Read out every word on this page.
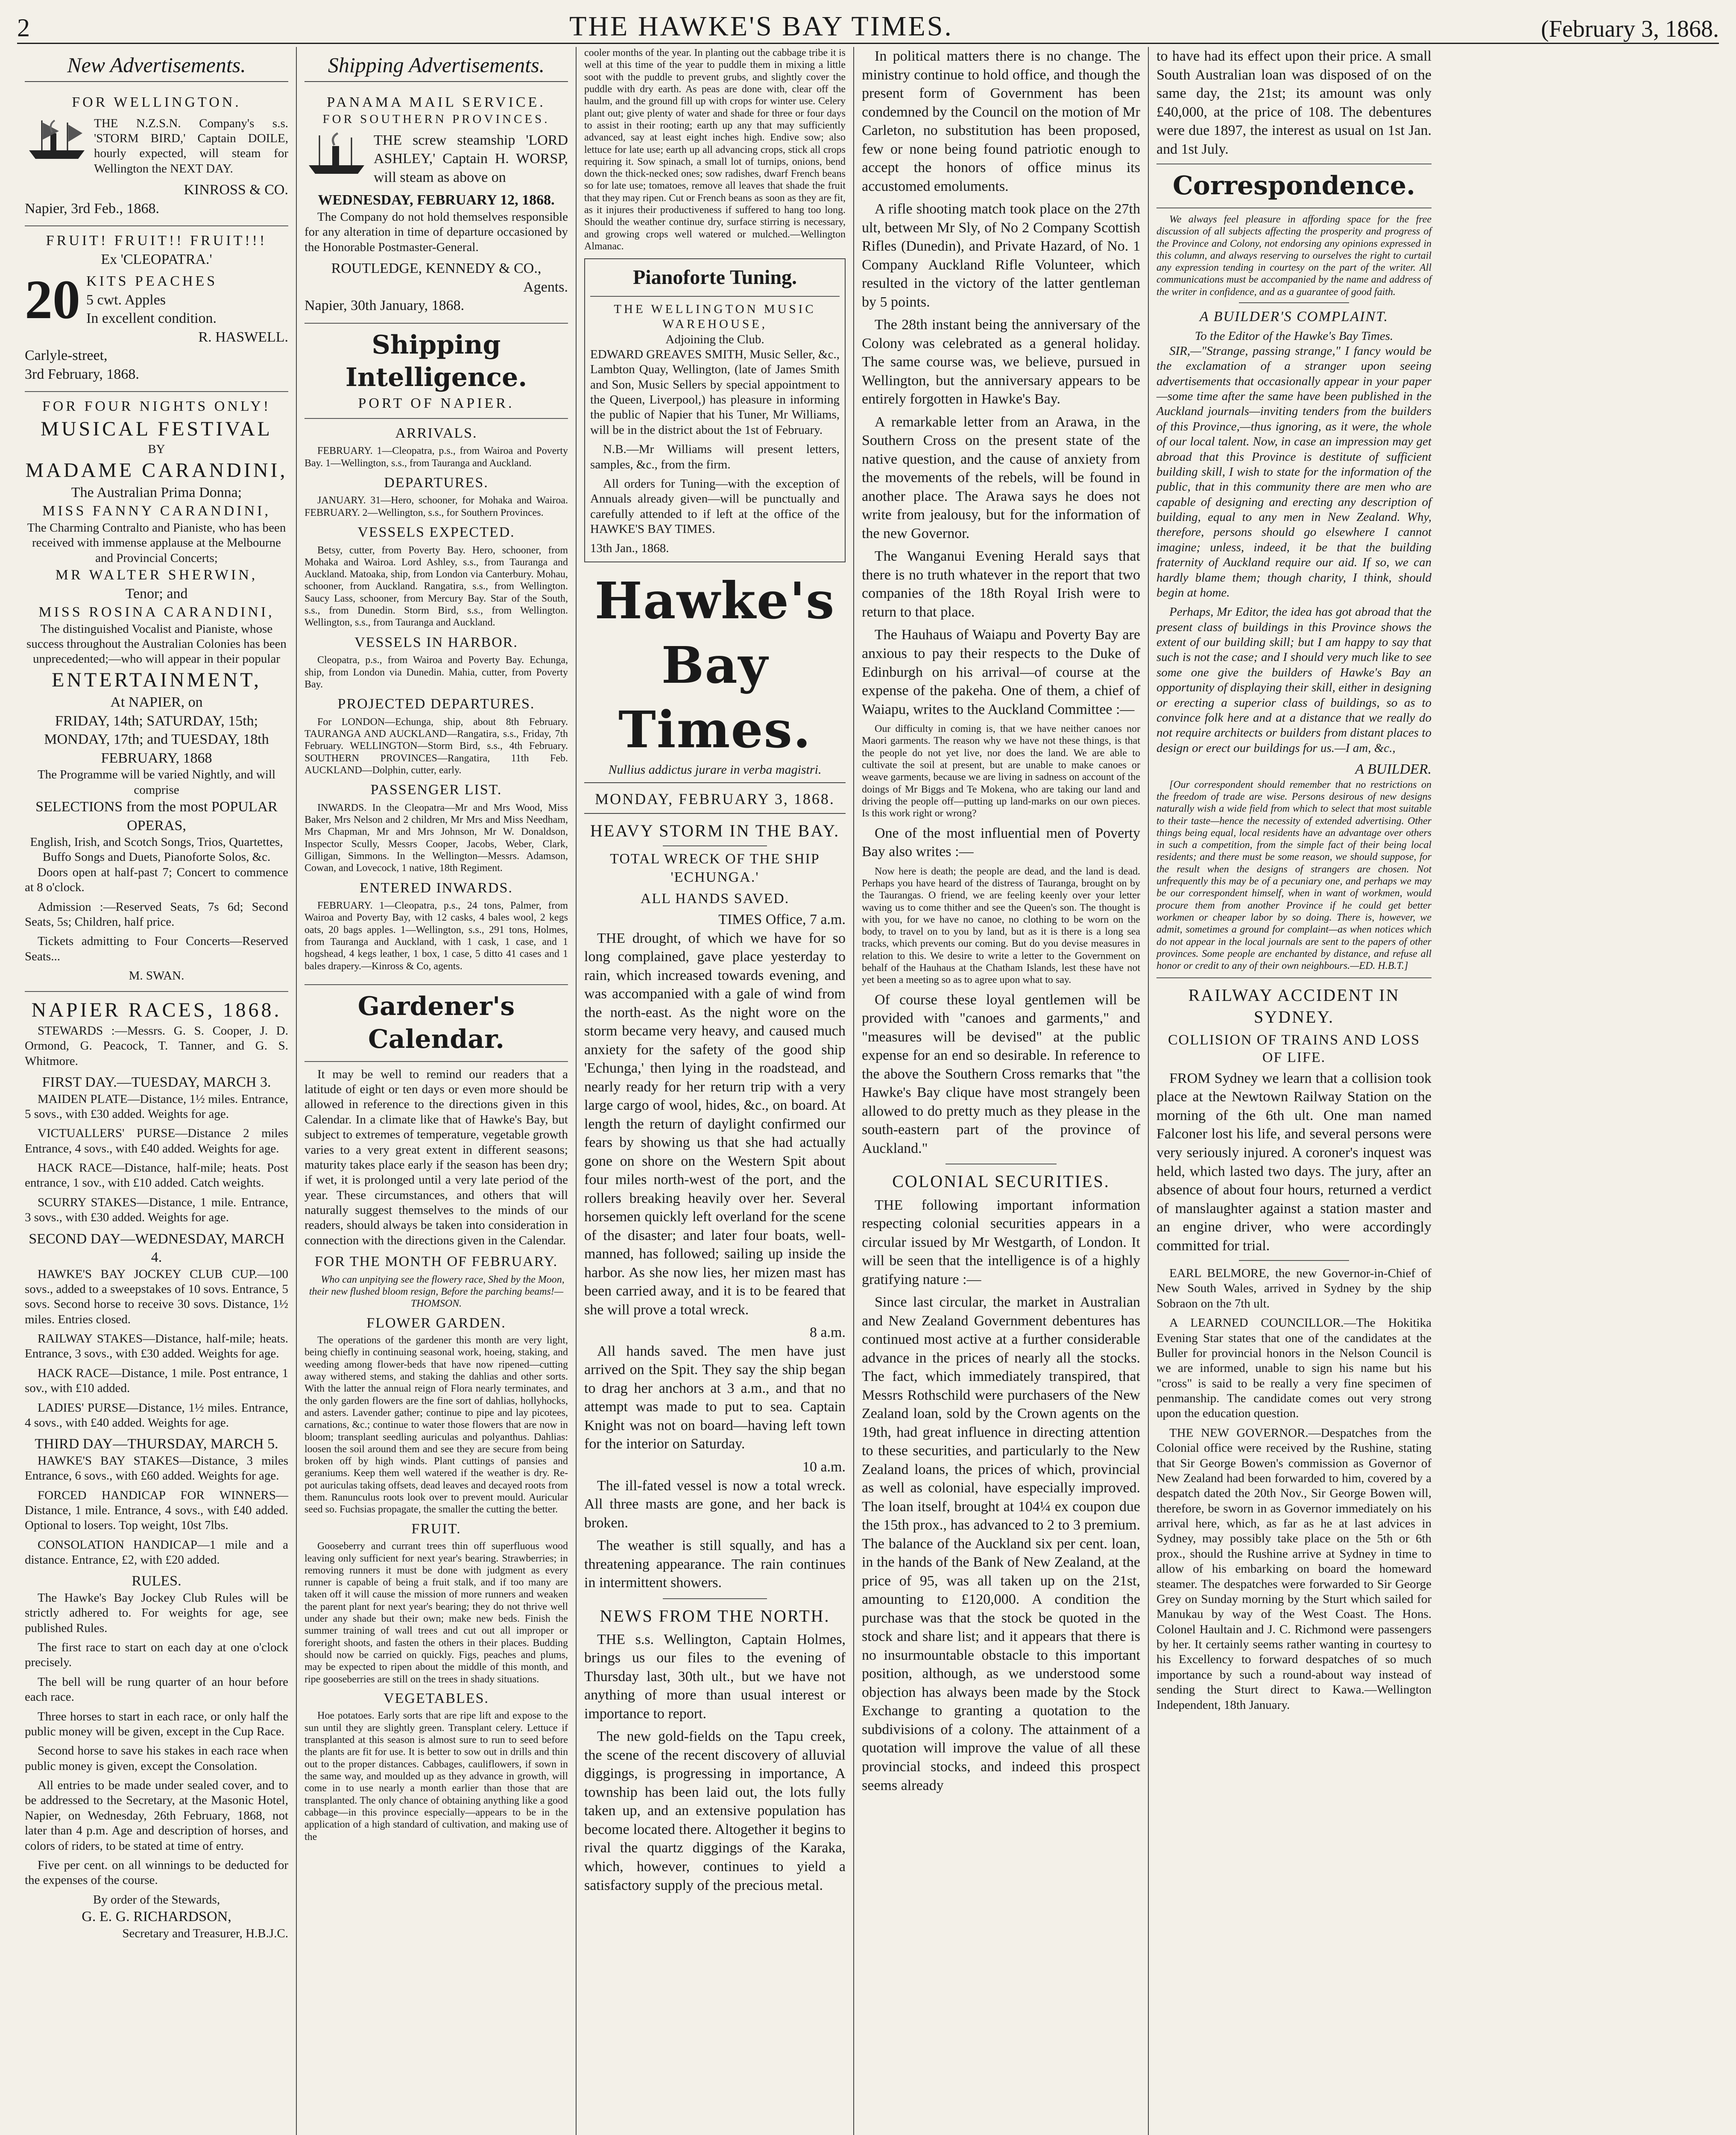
2	THE HAWKE'S BAY TIMES.	(February 3, 1868.
New Advertisements.
FOR WELLINGTON.

THE N.Z.S.N. Company's s.s. 'STORM BIRD,' Captain DOILE, hourly expected, will steam for Wellington the NEXT DAY.

KINROSS & CO.
Napier, 3rd Feb., 1868.
FRUIT! FRUIT!! FRUIT!!!
Ex 'CLEOPATRA.'
20 KITS PEACHES
5 cwt. Apples
In excellent condition.
R. HASWELL.
Carlyle-street,
3rd February, 1868.
FOR FOUR NIGHTS ONLY!
MUSICAL FESTIVAL
BY
MADAME CARANDINI,
The Australian Prima Donna;
MISS FANNY CARANDINI,
The Charming Contralto and Pianiste, who has been received with immense applause at the Melbourne and Provincial Concerts;
MR WALTER SHERWIN,
Tenor; and
MISS ROSINA CARANDINI,
The distinguished Vocalist and Pianiste, whose success throughout the Australian Colonies has been unprecedented;—who will appear in their popular
ENTERTAINMENT,
At NAPIER, on
FRIDAY, 14th; SATURDAY, 15th; MONDAY, 17th; and TUESDAY, 18th FEBRUARY, 1868
The Programme will be varied Nightly, and will comprise
SELECTIONS from the most POPULAR OPERAS,
English, Irish, and Scotch Songs, Trios, Quartettes, Buffo Songs and Duets, Pianoforte Solos, &c.

Doors open at half-past 7; Concert to commence at 8 o'clock.

Admission :—Reserved Seats, 7s 6d; Second Seats, 5s; Children, half price.

Tickets admitting to Four Concerts—Reserved Seats...

M. SWAN.
NAPIER RACES, 1868.

STEWARDS :—Messrs. G. S. Cooper, J. D. Ormond, G. Peacock, T. Tanner, and G. S. Whitmore.

FIRST DAY.—TUESDAY, MARCH 3.

MAIDEN PLATE—Distance, 1½ miles. Entrance, 5 sovs., with £30 added. Weights for age.

VICTUALLERS' PURSE—Distance 2 miles Entrance, 4 sovs., with £40 added. Weights for age.

HACK RACE—Distance, half-mile; heats. Post entrance, 1 sov., with £10 added. Catch weights.

SCURRY STAKES—Distance, 1 mile. Entrance, 3 sovs., with £30 added. Weights for age.

SECOND DAY—WEDNESDAY, MARCH 4.

HAWKE'S BAY JOCKEY CLUB CUP.—100 sovs., added to a sweepstakes of 10 sovs. Entrance, 5 sovs. Second horse to receive 30 sovs. Distance, 1½ miles. Entries closed.

RAILWAY STAKES—Distance, half-mile; heats. Entrance, 3 sovs., with £30 added. Weights for age.

HACK RACE—Distance, 1 mile. Post entrance, 1 sov., with £10 added.

LADIES' PURSE—Distance, 1½ miles. Entrance, 4 sovs., with £40 added. Weights for age.

THIRD DAY—THURSDAY, MARCH 5.

HAWKE'S BAY STAKES—Distance, 3 miles Entrance, 6 sovs., with £60 added. Weights for age.

FORCED HANDICAP FOR WINNERS—Distance, 1 mile. Entrance, 4 sovs., with £40 added. Optional to losers. Top weight, 10st 7lbs.

CONSOLATION HANDICAP—1 mile and a distance. Entrance, £2, with £20 added.

RULES.

The Hawke's Bay Jockey Club Rules will be strictly adhered to. For weights for age, see published Rules.

The first race to start on each day at one o'clock precisely.

The bell will be rung quarter of an hour before each race.

Three horses to start in each race, or only half the public money will be given, except in the Cup Race.

Second horse to save his stakes in each race when public money is given, except the Consolation.

All entries to be made under sealed cover, and to be addressed to the Secretary, at the Masonic Hotel, Napier, on Wednesday, 26th February, 1868, not later than 4 p.m. Age and description of horses, and colors of riders, to be stated at time of entry.

Five per cent. on all winnings to be deducted for the expenses of the course.

By order of the Stewards,
G. E. G. RICHARDSON,
Secretary and Treasurer, H.B.J.C.
Shipping Advertisements.
PANAMA MAIL SERVICE.
FOR SOUTHERN PROVINCES.

THE screw steamship 'LORD ASHLEY,' Captain H. WORSP, will steam as above on

WEDNESDAY, FEBRUARY 12, 1868.

The Company do not hold themselves responsible for any alteration in time of departure occasioned by the Honorable Postmaster-General.

ROUTLEDGE, KENNEDY & CO.,
Agents.
Napier, 30th January, 1868.
Shipping Intelligence.
PORT OF NAPIER.
ARRIVALS.

FEBRUARY. 1—Cleopatra, p.s., from Wairoa and Poverty Bay. 1—Wellington, s.s., from Tauranga and Auckland.

DEPARTURES.

JANUARY. 31—Hero, schooner, for Mohaka and Wairoa. FEBRUARY. 2—Wellington, s.s., for Southern Provinces.

VESSELS EXPECTED.

Betsy, cutter, from Poverty Bay. Hero, schooner, from Mohaka and Wairoa. Lord Ashley, s.s., from Tauranga and Auckland. Matoaka, ship, from London via Canterbury. Mohau, schooner, from Auckland. Rangatira, s.s., from Wellington. Saucy Lass, schooner, from Mercury Bay. Star of the South, s.s., from Dunedin. Storm Bird, s.s., from Wellington. Wellington, s.s., from Tauranga and Auckland.

VESSELS IN HARBOR.

Cleopatra, p.s., from Wairoa and Poverty Bay. Echunga, ship, from London via Dunedin. Mahia, cutter, from Poverty Bay.

PROJECTED DEPARTURES.

For LONDON—Echunga, ship, about 8th February. TAURANGA AND AUCKLAND—Rangatira, s.s., Friday, 7th February. WELLINGTON—Storm Bird, s.s., 4th February. SOUTHERN PROVINCES—Rangatira, 11th Feb. AUCKLAND—Dolphin, cutter, early.

PASSENGER LIST.

INWARDS. In the Cleopatra—Mr and Mrs Wood, Miss Baker, Mrs Nelson and 2 children, Mr Mrs and Miss Needham, Mrs Chapman, Mr and Mrs Johnson, Mr W. Donaldson, Inspector Scully, Messrs Cooper, Jacobs, Weber, Clark, Gilligan, Simmons. In the Wellington—Messrs. Adamson, Cowan, and Lovecock, 1 native, 18th Regiment.

ENTERED INWARDS.

FEBRUARY. 1—Cleopatra, p.s., 24 tons, Palmer, from Wairoa and Poverty Bay, with 12 casks, 4 bales wool, 2 kegs oats, 20 bags apples. 1—Wellington, s.s., 291 tons, Holmes, from Tauranga and Auckland, with 1 cask, 1 case, and 1 hogshead, 4 kegs leather, 1 box, 1 case, 5 ditto 41 cases and 1 bales drapery.—Kinross & Co, agents.

Gardener's Calendar.

It may be well to remind our readers that a latitude of eight or ten days or even more should be allowed in reference to the directions given in this Calendar. In a climate like that of Hawke's Bay, but subject to extremes of temperature, vegetable growth varies to a very great extent in different seasons; maturity takes place early if the season has been dry; if wet, it is prolonged until a very late period of the year. These circumstances, and others that will naturally suggest themselves to the minds of our readers, should always be taken into consideration in connection with the directions given in the Calendar.

FOR THE MONTH OF FEBRUARY.

Who can unpitying see the flowery race, Shed by the Moon, their new flushed bloom resign, Before the parching beams!—THOMSON.

FLOWER GARDEN.

The operations of the gardener this month are very light, being chiefly in continuing seasonal work, hoeing, staking, and weeding among flower-beds that have now ripened—cutting away withered stems, and staking the dahlias and other sorts. With the latter the annual reign of Flora nearly terminates, and the only garden flowers are the fine sort of dahlias, hollyhocks, and asters. Lavender gather; continue to pipe and lay picotees, carnations, &c.; continue to water those flowers that are now in bloom; transplant seedling auriculas and polyanthus. Dahlias: loosen the soil around them and see they are secure from being broken off by high winds. Plant cuttings of pansies and geraniums. Keep them well watered if the weather is dry. Re-pot auriculas taking offsets, dead leaves and decayed roots from them. Ranunculus roots look over to prevent mould. Auricular seed so. Fuchsias propagate, the smaller the cutting the better.

FRUIT.

Gooseberry and currant trees thin off superfluous wood leaving only sufficient for next year's bearing. Strawberries; in removing runners it must be done with judgment as every runner is capable of being a fruit stalk, and if too many are taken off it will cause the mission of more runners and weaken the parent plant for next year's bearing; they do not thrive well under any shade but their own; make new beds. Finish the summer training of wall trees and cut out all improper or foreright shoots, and fasten the others in their places. Budding should now be carried on quickly. Figs, peaches and plums, may be expected to ripen about the middle of this month, and ripe gooseberries are still on the trees in shady situations.

VEGETABLES.

Hoe potatoes. Early sorts that are ripe lift and expose to the sun until they are slightly green. Transplant celery. Lettuce if transplanted at this season is almost sure to run to seed before the plants are fit for use. It is better to sow out in drills and thin out to the proper distances. Cabbages, cauliflowers, if sown in the same way, and moulded up as they advance in growth, will come in to use nearly a month earlier than those that are transplanted. The only chance of obtaining anything like a good cabbage—in this province especially—appears to be in the application of a high standard of cultivation, and making use of the

cooler months of the year. In planting out the cabbage tribe it is well at this time of the year to puddle them in mixing a little soot with the puddle to prevent grubs, and slightly cover the puddle with dry earth. As peas are done with, clear off the haulm, and the ground fill up with crops for winter use. Celery plant out; give plenty of water and shade for three or four days to assist in their rooting; earth up any that may sufficiently advanced, say at least eight inches high. Endive sow; also lettuce for late use; earth up all advancing crops, stick all crops requiring it. Sow spinach, a small lot of turnips, onions, bend down the thick-necked ones; sow radishes, dwarf French beans so for late use; tomatoes, remove all leaves that shade the fruit that they may ripen. Cut or French beans as soon as they are fit, as it injures their productiveness if suffered to hang too long. Should the weather continue dry, surface stirring is necessary, and growing crops well watered or mulched.—Wellington Almanac.

Pianoforte Tuning.
THE WELLINGTON MUSIC WAREHOUSE,
Adjoining the Club.

EDWARD GREAVES SMITH, Music Seller, &c., Lambton Quay, Wellington, (late of James Smith and Son, Music Sellers by special appointment to the Queen, Liverpool,) has pleasure in informing the public of Napier that his Tuner, Mr Williams, will be in the district about the 1st of February.

N.B.—Mr Williams will present letters, samples, &c., from the firm.

All orders for Tuning—with the exception of Annuals already given—will be punctually and carefully attended to if left at the office of the HAWKE'S BAY TIMES.

13th Jan., 1868.
Hawke's Bay Times.
Nullius addictus jurare in verba magistri.
MONDAY, FEBRUARY 3, 1868.
HEAVY STORM IN THE BAY.
TOTAL WRECK OF THE SHIP 'ECHUNGA.'
ALL HANDS SAVED.
TIMES Office, 7 a.m.

THE drought, of which we have for so long complained, gave place yesterday to rain, which increased towards evening, and was accompanied with a gale of wind from the north-east. As the night wore on the storm became very heavy, and caused much anxiety for the safety of the good ship 'Echunga,' then lying in the roadstead, and nearly ready for her return trip with a very large cargo of wool, hides, &c., on board. At length the return of daylight confirmed our fears by showing us that she had actually gone on shore on the Western Spit about four miles north-west of the port, and the rollers breaking heavily over her. Several horsemen quickly left overland for the scene of the disaster; and later four boats, well-manned, has followed; sailing up inside the harbor. As she now lies, her mizen mast has been carried away, and it is to be feared that she will prove a total wreck.

8 a.m.

All hands saved. The men have just arrived on the Spit. They say the ship began to drag her anchors at 3 a.m., and that no attempt was made to put to sea. Captain Knight was not on board—having left town for the interior on Saturday.

10 a.m.

The ill-fated vessel is now a total wreck. All three masts are gone, and her back is broken.

The weather is still squally, and has a threatening appearance. The rain continues in intermittent showers.

NEWS FROM THE NORTH.

THE s.s. Wellington, Captain Holmes, brings us our files to the evening of Thursday last, 30th ult., but we have not anything of more than usual interest or importance to report.

The new gold-fields on the Tapu creek, the scene of the recent discovery of alluvial diggings, is progressing in importance, A township has been laid out, the lots fully taken up, and an extensive population has become located there. Altogether it begins to rival the quartz diggings of the Karaka, which, however, continues to yield a satisfactory supply of the precious metal.

In political matters there is no change. The ministry continue to hold office, and though the present form of Government has been condemned by the Council on the motion of Mr Carleton, no substitution has been proposed, few or none being found patriotic enough to accept the honors of office minus its accustomed emoluments.

A rifle shooting match took place on the 27th ult, between Mr Sly, of No 2 Company Scottish Rifles (Dunedin), and Private Hazard, of No. 1 Company Auckland Rifle Volunteer, which resulted in the victory of the latter gentleman by 5 points.

The 28th instant being the anniversary of the Colony was celebrated as a general holiday. The same course was, we believe, pursued in Wellington, but the anniversary appears to be entirely forgotten in Hawke's Bay.

A remarkable letter from an Arawa, in the Southern Cross on the present state of the native question, and the cause of anxiety from the movements of the rebels, will be found in another place. The Arawa says he does not write from jealousy, but for the information of the new Governor.

The Wanganui Evening Herald says that there is no truth whatever in the report that two companies of the 18th Royal Irish were to return to that place.

The Hauhaus of Waiapu and Poverty Bay are anxious to pay their respects to the Duke of Edinburgh on his arrival—of course at the expense of the pakeha. One of them, a chief of Waiapu, writes to the Auckland Committee :—

Our difficulty in coming is, that we have neither canoes nor Maori garments. The reason why we have not these things, is that the people do not yet live, nor does the land. We are able to cultivate the soil at present, but are unable to make canoes or weave garments, because we are living in sadness on account of the doings of Mr Biggs and Te Mokena, who are taking our land and driving the people off—putting up land-marks on our own pieces. Is this work right or wrong?

One of the most influential men of Poverty Bay also writes :—

Now here is death; the people are dead, and the land is dead. Perhaps you have heard of the distress of Tauranga, brought on by the Taurangas. O friend, we are feeling keenly over your letter waving us to come thither and see the Queen's son. The thought is with you, for we have no canoe, no clothing to be worn on the body, to travel on to you by land, but as it is there is a long sea tracks, which prevents our coming. But do you devise measures in relation to this. We desire to write a letter to the Government on behalf of the Hauhaus at the Chatham Islands, lest these have not yet been a meeting so as to agree upon what to say.

Of course these loyal gentlemen will be provided with "canoes and garments," and "measures will be devised" at the public expense for an end so desirable. In reference to the above the Southern Cross remarks that "the Hawke's Bay clique have most strangely been allowed to do pretty much as they please in the south-eastern part of the province of Auckland."

COLONIAL SECURITIES.

THE following important information respecting colonial securities appears in a circular issued by Mr Westgarth, of London. It will be seen that the intelligence is of a highly gratifying nature :—

Since last circular, the market in Australian and New Zealand Government debentures has continued most active at a further considerable advance in the prices of nearly all the stocks. The fact, which immediately transpired, that Messrs Rothschild were purchasers of the New Zealand loan, sold by the Crown agents on the 19th, had great influence in directing attention to these securities, and particularly to the New Zealand loans, the prices of which, provincial as well as colonial, have especially improved. The loan itself, brought at 104¼ ex coupon due the 15th prox., has advanced to 2 to 3 premium. The balance of the Auckland six per cent. loan, in the hands of the Bank of New Zealand, at the price of 95, was all taken up on the 21st, amounting to £120,000. A condition the purchase was that the stock be quoted in the stock and share list; and it appears that there is no insurmountable obstacle to this important position, although, as we understood some objection has always been made by the Stock Exchange to granting a quotation to the subdivisions of a colony. The attainment of a quotation will improve the value of all these provincial stocks, and indeed this prospect seems already

to have had its effect upon their price. A small South Australian loan was disposed of on the same day, the 21st; its amount was only £40,000, at the price of 108. The debentures were due 1897, the interest as usual on 1st Jan. and 1st July.

Correspondence.

We always feel pleasure in affording space for the free discussion of all subjects affecting the prosperity and progress of the Province and Colony, not endorsing any opinions expressed in this column, and always reserving to ourselves the right to curtail any expression tending in courtesy on the part of the writer. All communications must be accompanied by the name and address of the writer in confidence, and as a guarantee of good faith.

A BUILDER'S COMPLAINT.
To the Editor of the Hawke's Bay Times.

SIR,—"Strange, passing strange," I fancy would be the exclamation of a stranger upon seeing advertisements that occasionally appear in your paper—some time after the same have been published in the Auckland journals—inviting tenders from the builders of this Province,—thus ignoring, as it were, the whole of our local talent. Now, in case an impression may get abroad that this Province is destitute of sufficient building skill, I wish to state for the information of the public, that in this community there are men who are capable of designing and erecting any description of building, equal to any men in New Zealand. Why, therefore, persons should go elsewhere I cannot imagine; unless, indeed, it be that the building fraternity of Auckland require our aid. If so, we can hardly blame them; though charity, I think, should begin at home.

Perhaps, Mr Editor, the idea has got abroad that the present class of buildings in this Province shows the extent of our building skill; but I am happy to say that such is not the case; and I should very much like to see some one give the builders of Hawke's Bay an opportunity of displaying their skill, either in designing or erecting a superior class of buildings, so as to convince folk here and at a distance that we really do not require architects or builders from distant places to design or erect our buildings for us.—I am, &c.,

A BUILDER.

[Our correspondent should remember that no restrictions on the freedom of trade are wise. Persons desirous of new designs naturally wish a wide field from which to select that most suitable to their taste—hence the necessity of extended advertising. Other things being equal, local residents have an advantage over others in such a competition, from the simple fact of their being local residents; and there must be some reason, we should suppose, for the result when the designs of strangers are chosen. Not unfrequently this may be of a pecuniary one, and perhaps we may be our correspondent himself, when in want of workmen, would procure them from another Province if he could get better workmen or cheaper labor by so doing. There is, however, we admit, sometimes a ground for complaint—as when notices which do not appear in the local journals are sent to the papers of other provinces. Some people are enchanted by distance, and refuse all honor or credit to any of their own neighbours.—ED. H.B.T.]

RAILWAY ACCIDENT IN SYDNEY.
COLLISION OF TRAINS AND LOSS OF LIFE.

FROM Sydney we learn that a collision took place at the Newtown Railway Station on the morning of the 6th ult. One man named Falconer lost his life, and several persons were very seriously injured. A coroner's inquest was held, which lasted two days. The jury, after an absence of about four hours, returned a verdict of manslaughter against a station master and an engine driver, who were accordingly committed for trial.

EARL BELMORE, the new Governor-in-Chief of New South Wales, arrived in Sydney by the ship Sobraon on the 7th ult.

A LEARNED COUNCILLOR.—The Hokitika Evening Star states that one of the candidates at the Buller for provincial honors in the Nelson Council is we are informed, unable to sign his name but his "cross" is said to be really a very fine specimen of penmanship. The candidate comes out very strong upon the education question.

THE NEW GOVERNOR.—Despatches from the Colonial office were received by the Rushine, stating that Sir George Bowen's commission as Governor of New Zealand had been forwarded to him, covered by a despatch dated the 20th Nov., Sir George Bowen will, therefore, be sworn in as Governor immediately on his arrival here, which, as far as he at last advices in Sydney, may possibly take place on the 5th or 6th prox., should the Rushine arrive at Sydney in time to allow of his embarking on board the homeward steamer. The despatches were forwarded to Sir George Grey on Sunday morning by the Sturt which sailed for Manukau by way of the West Coast. The Hons. Colonel Haultain and J. C. Richmond were passengers by her. It certainly seems rather wanting in courtesy to his Excellency to forward despatches of so much importance by such a round-about way instead of sending the Sturt direct to Kawa.—Wellington Independent, 18th January.
